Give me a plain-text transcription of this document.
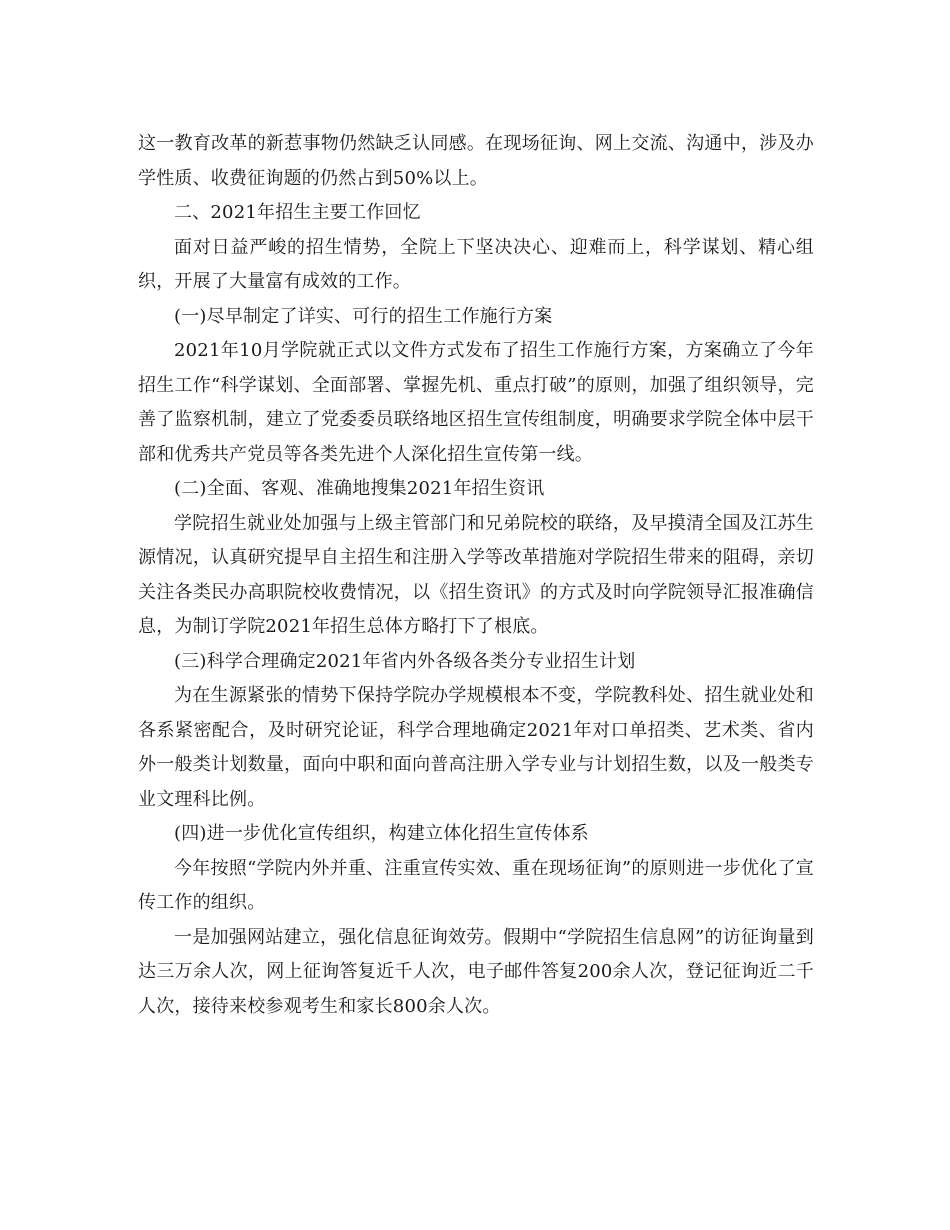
这一教育改革的新惹事物仍然缺乏认同感。在现场征询、网上交流、沟通中，涉及办学性质、收费征询题的仍然占到50%以上。

二、2021年招生主要工作回忆

面对日益严峻的招生情势，全院上下坚决决心、迎难而上，科学谋划、精心组织，开展了大量富有成效的工作。

(一)尽早制定了详实、可行的招生工作施行方案

2021年10月学院就正式以文件方式发布了招生工作施行方案，方案确立了今年招生工作“科学谋划、全面部署、掌握先机、重点打破”的原则，加强了组织领导，完善了监察机制，建立了党委委员联络地区招生宣传组制度，明确要求学院全体中层干部和优秀共产党员等各类先进个人深化招生宣传第一线。

(二)全面、客观、准确地搜集2021年招生资讯

学院招生就业处加强与上级主管部门和兄弟院校的联络，及早摸清全国及江苏生源情况，认真研究提早自主招生和注册入学等改革措施对学院招生带来的阻碍，亲切关注各类民办高职院校收费情况，以《招生资讯》的方式及时向学院领导汇报准确信息，为制订学院2021年招生总体方略打下了根底。

(三)科学合理确定2021年省内外各级各类分专业招生计划

为在生源紧张的情势下保持学院办学规模根本不变，学院教科处、招生就业处和各系紧密配合，及时研究论证，科学合理地确定2021年对口单招类、艺术类、省内外一般类计划数量，面向中职和面向普高注册入学专业与计划招生数，以及一般类专业文理科比例。

(四)进一步优化宣传组织，构建立体化招生宣传体系

今年按照“学院内外并重、注重宣传实效、重在现场征询”的原则进一步优化了宣传工作的组织。

一是加强网站建立，强化信息征询效劳。假期中“学院招生信息网”的访征询量到达三万余人次，网上征询答复近千人次，电子邮件答复200余人次，登记征询近二千人次，接待来校参观考生和家长800余人次。
